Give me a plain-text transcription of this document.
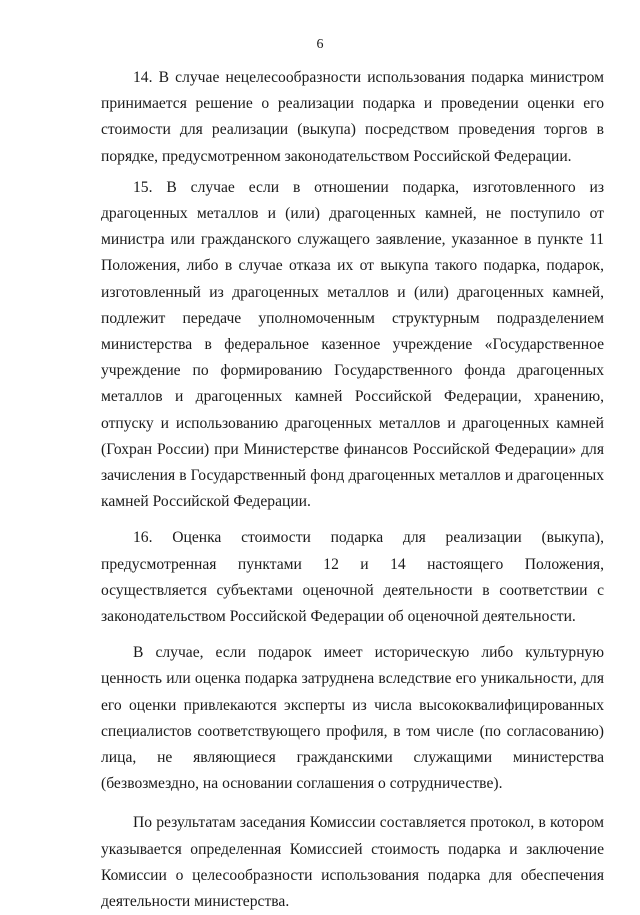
6

14. В случае нецелесообразности использования подарка министром принимается решение о реализации подарка и проведении оценки его стоимости для реализации (выкупа) посредством проведения торгов в порядке, предусмотренном законодательством Российской Федерации.

15. В случае если в отношении подарка, изготовленного из драгоценных металлов и (или) драгоценных камней, не поступило от министра или гражданского служащего заявление, указанное в пункте 11 Положения, либо в случае отказа их от выкупа такого подарка, подарок, изготовленный из драгоценных металлов и (или) драгоценных камней, подлежит передаче уполномоченным структурным подразделением министерства в федеральное казенное учреждение «Государственное учреждение по формированию Государственного фонда драгоценных металлов и драгоценных камней Российской Федерации, хранению, отпуску и использованию драгоценных металлов и драгоценных камней (Гохран России) при Министерстве финансов Российской Федерации» для зачисления в Государственный фонд драгоценных металлов и драгоценных камней Российской Федерации.

16. Оценка стоимости подарка для реализации (выкупа), предусмотренная пунктами 12 и 14 настоящего Положения, осуществляется субъектами оценочной деятельности в соответствии с законодательством Российской Федерации об оценочной деятельности.

В случае, если подарок имеет историческую либо культурную ценность или оценка подарка затруднена вследствие его уникальности, для его оценки привлекаются эксперты из числа высококвалифицированных специалистов соответствующего профиля, в том числе (по согласованию) лица, не являющиеся гражданскими служащими министерства (безвозмездно, на основании соглашения о сотрудничестве).

По результатам заседания Комиссии составляется протокол, в котором указывается определенная Комиссией стоимость подарка и заключение Комиссии о целесообразности использования подарка для обеспечения деятельности министерства.
